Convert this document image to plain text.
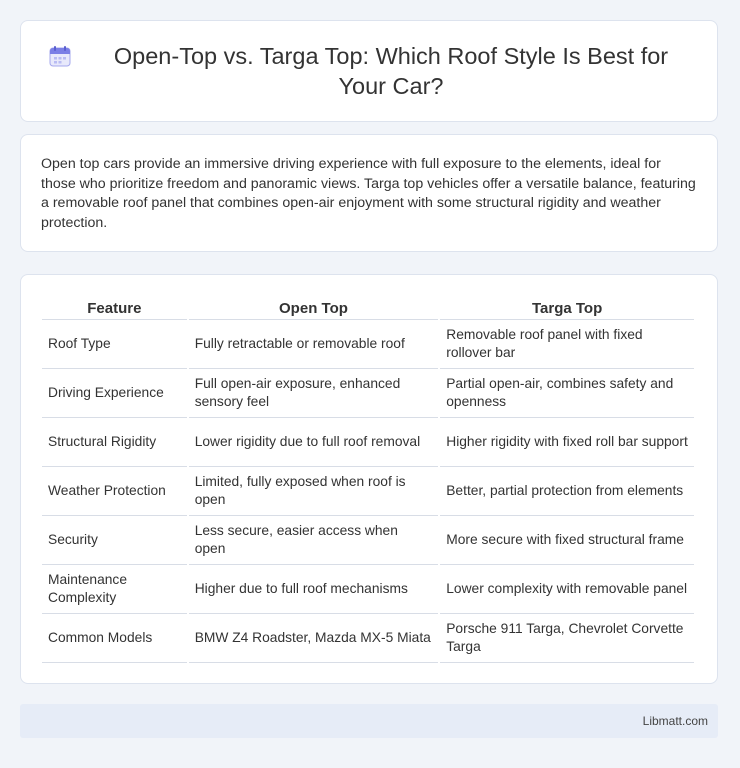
Open-Top vs. Targa Top: Which Roof Style Is Best for Your Car?

Open top cars provide an immersive driving experience with full exposure to the elements, ideal for those who prioritize freedom and panoramic views. Targa top vehicles offer a versatile balance, featuring a removable roof panel that combines open-air enjoyment with some structural rigidity and weather protection.

Feature	Open Top	Targa Top
Roof Type	Fully retractable or removable roof	Removable roof panel with fixed rollover bar
Driving Experience	Full open-air exposure, enhanced sensory feel	Partial open-air, combines safety and openness
Structural Rigidity	Lower rigidity due to full roof removal	Higher rigidity with fixed roll bar support
Weather Protection	Limited, fully exposed when roof is open	Better, partial protection from elements
Security	Less secure, easier access when open	More secure with fixed structural frame
Maintenance Complexity	Higher due to full roof mechanisms	Lower complexity with removable panel
Common Models	BMW Z4 Roadster, Mazda MX-5 Miata	Porsche 911 Targa, Chevrolet Corvette Targa
Libmatt.com
